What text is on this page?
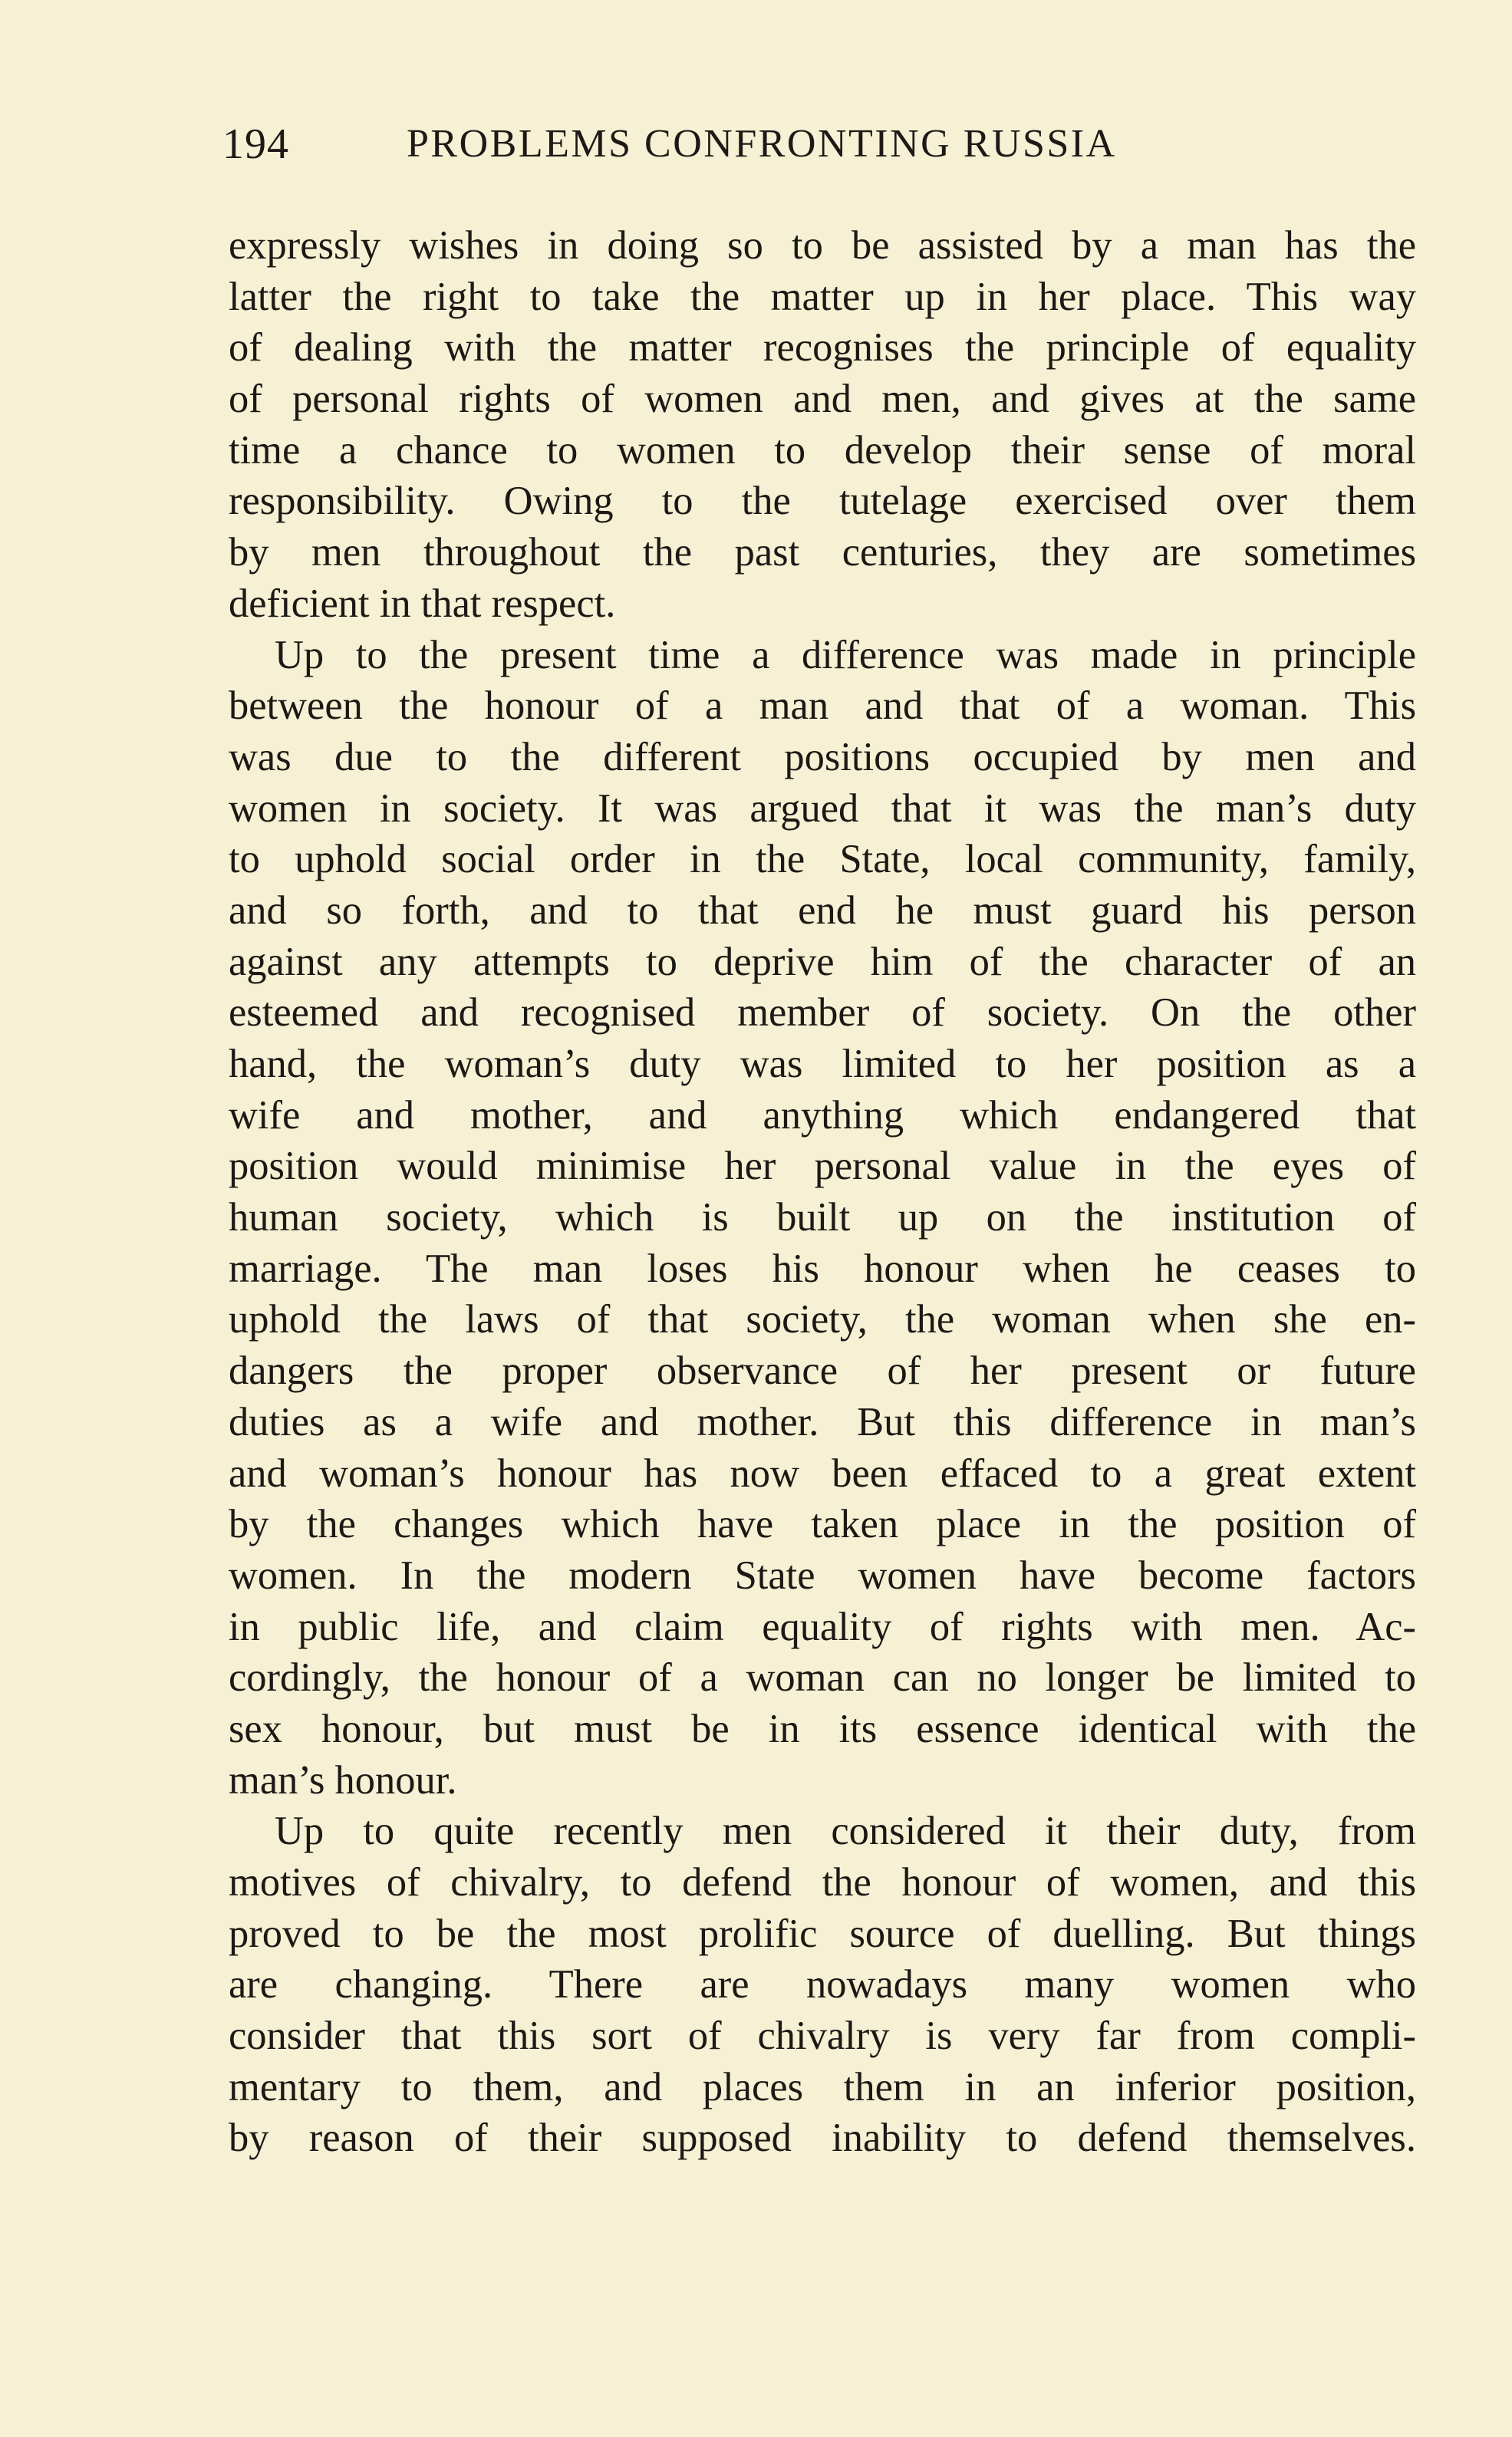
194	PROBLEMS CONFRONTING RUSSIA
expressly wishes in doing so to be assisted by a man has the
latter the right to take the matter up in her place. This way
of dealing with the matter recognises the principle of equality
of personal rights of women and men, and gives at the same
time a chance to women to develop their sense of moral
responsibility. Owing to the tutelage exercised over them
by men throughout the past centuries, they are sometimes
deficient in that respect.
Up to the present time a difference was made in principle
between the honour of a man and that of a woman. This
was due to the different positions occupied by men and
women in society. It was argued that it was the man’s duty
to uphold social order in the State, local community, family,
and so forth, and to that end he must guard his person
against any attempts to deprive him of the character of an
esteemed and recognised member of society. On the other
hand, the woman’s duty was limited to her position as a
wife and mother, and anything which endangered that
position would minimise her personal value in the eyes of
human society, which is built up on the institution of
marriage. The man loses his honour when he ceases to
uphold the laws of that society, the woman when she en-
dangers the proper observance of her present or future
duties as a wife and mother. But this difference in man’s
and woman’s honour has now been effaced to a great extent
by the changes which have taken place in the position of
women. In the modern State women have become factors
in public life, and claim equality of rights with men. Ac-
cordingly, the honour of a woman can no longer be limited to
sex honour, but must be in its essence identical with the
man’s honour.
Up to quite recently men considered it their duty, from
motives of chivalry, to defend the honour of women, and this
proved to be the most prolific source of duelling. But things
are changing. There are nowadays many women who
consider that this sort of chivalry is very far from compli-
mentary to them, and places them in an inferior position,
by reason of their supposed inability to defend themselves.
